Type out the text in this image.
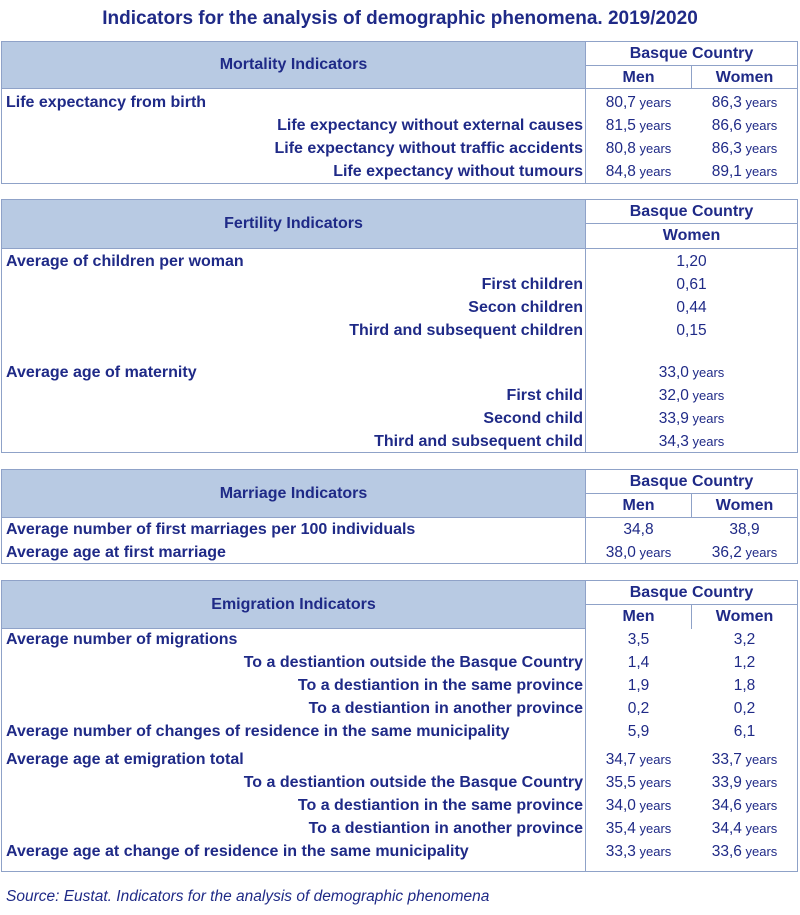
Indicators for the analysis of demographic phenomena. 2019/2020
Mortality Indicators
Basque Country
Men	Women
Life expectancy from birth	80,7 years	86,3 years
Life expectancy without external causes	81,5 years	86,6 years
Life expectancy without traffic accidents	80,8 years	86,3 years
Life expectancy without tumours	84,8 years	89,1 years
Fertility Indicators
Basque Country
Women
Average of children per woman	1,20
First children	0,61
Secon children	0,44
Third and subsequent children	0,15
Average age of maternity	33,0 years
First child	32,0 years
Second child	33,9 years
Third and subsequent child	34,3 years
Marriage Indicators
Basque Country
Men	Women
Average number of first marriages per 100 individuals	34,8	38,9
Average age at first marriage	38,0 years	36,2 years
Emigration Indicators
Basque Country
Men	Women
Average number of migrations	3,5	3,2
To a destiantion outside the Basque Country	1,4	1,2
To a destiantion in the same province	1,9	1,8
To a destiantion in another province	0,2	0,2
Average number of changes of residence in the same municipality	5,9	6,1
Average age at emigration total	34,7 years	33,7 years
To a destiantion outside the Basque Country	35,5 years	33,9 years
To a destiantion in the same province	34,0 years	34,6 years
To a destiantion in another province	35,4 years	34,4 years
Average age at change of residence in the same municipality	33,3 years	33,6 years
Source: Eustat. Indicators for the analysis of demographic phenomena
